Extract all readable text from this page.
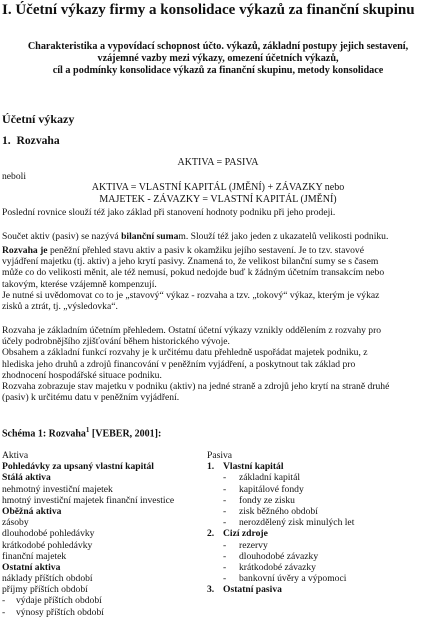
I. Účetní výkazy firmy a konsolidace výkazů za finanční skupinu
Charakteristika a vypovídací schopnost účto. výkazů, základní postupy jejich sestavení,
vzájemné vazby mezi výkazy, omezení účetních výkazů,
cíl a podmínky konsolidace výkazů za finanční skupinu, metody konsolidace
Účetní výkazy
1. Rozvaha
AKTIVA = PASIVA
neboli
AKTIVA = VLASTNÍ KAPITÁL (JMĚNÍ) + ZÁVAZKY nebo
MAJETEK - ZÁVAZKY = VLASTNÍ KAPITÁL (JMĚNÍ)
Poslední rovnice slouží též jako základ při stanovení hodnoty podniku při jeho prodeji.
Součet aktiv (pasiv) se nazývá bilanční sumam. Slouží též jako jeden z ukazatelů velikosti podniku.
Rozvaha je peněžní přehled stavu aktiv a pasiv k okamžiku jejího sestavení. Je to tzv. stavové
vyjádření majetku (tj. aktiv) a jeho krytí pasivy. Znamená to, že velikost bilanční sumy se s časem
může co do velikosti měnit, ale též nemusí, pokud nedojde buď k žádným účetním transakcím nebo
takovým, kterése vzájemně kompenzují.
Je nutné si uvědomovat co to je „stavový“ výkaz - rozvaha a tzv. „tokový“ výkaz, kterým je výkaz
zisků a ztrát, tj. „výsledovka“.
Rozvaha je základním účetním přehledem. Ostatní účetní výkazy vznikly oddělením z rozvahy pro
účely podrobnějšího zjišťování během historického vývoje.
Obsahem a základní funkcí rozvahy je k určitému datu přehledně uspořádat majetek podniku, z
hlediska jeho druhů a zdrojů financování v peněžním vyjádření, a poskytnout tak základ pro
zhodnocení hospodářské situace podniku.
Rozvaha zobrazuje stav majetku v podniku (aktiv) na jedné straně a zdrojů jeho krytí na straně druhé
(pasiv) k určitému datu v peněžním vyjádření.
Schéma 1: Rozvaha$^1$ [VEBER, 2001]:
Aktiva
Pohledávky za upsaný vlastní kapitál
Stálá aktiva
nehmotný investiční majetek
hmotný investiční majetek finanční investice
Oběžná aktiva
zásoby
dlouhodobé pohledávky
krátkodobé pohledávky
finanční majetek
Ostatní aktiva
náklady příštích období
příjmy příštích období
- výdaje příštích období
- výnosy příštích období
Pasiva
1. Vlastní kapitál
- základní kapitál
- kapitálové fondy
- fondy ze zisku
- zisk běžného období
- nerozdělený zisk minulých let
2. Cizí zdroje
- rezervy
- dlouhodobé závazky
- krátkodobé závazky
- bankovní úvěry a výpomoci
3. Ostatní pasiva
